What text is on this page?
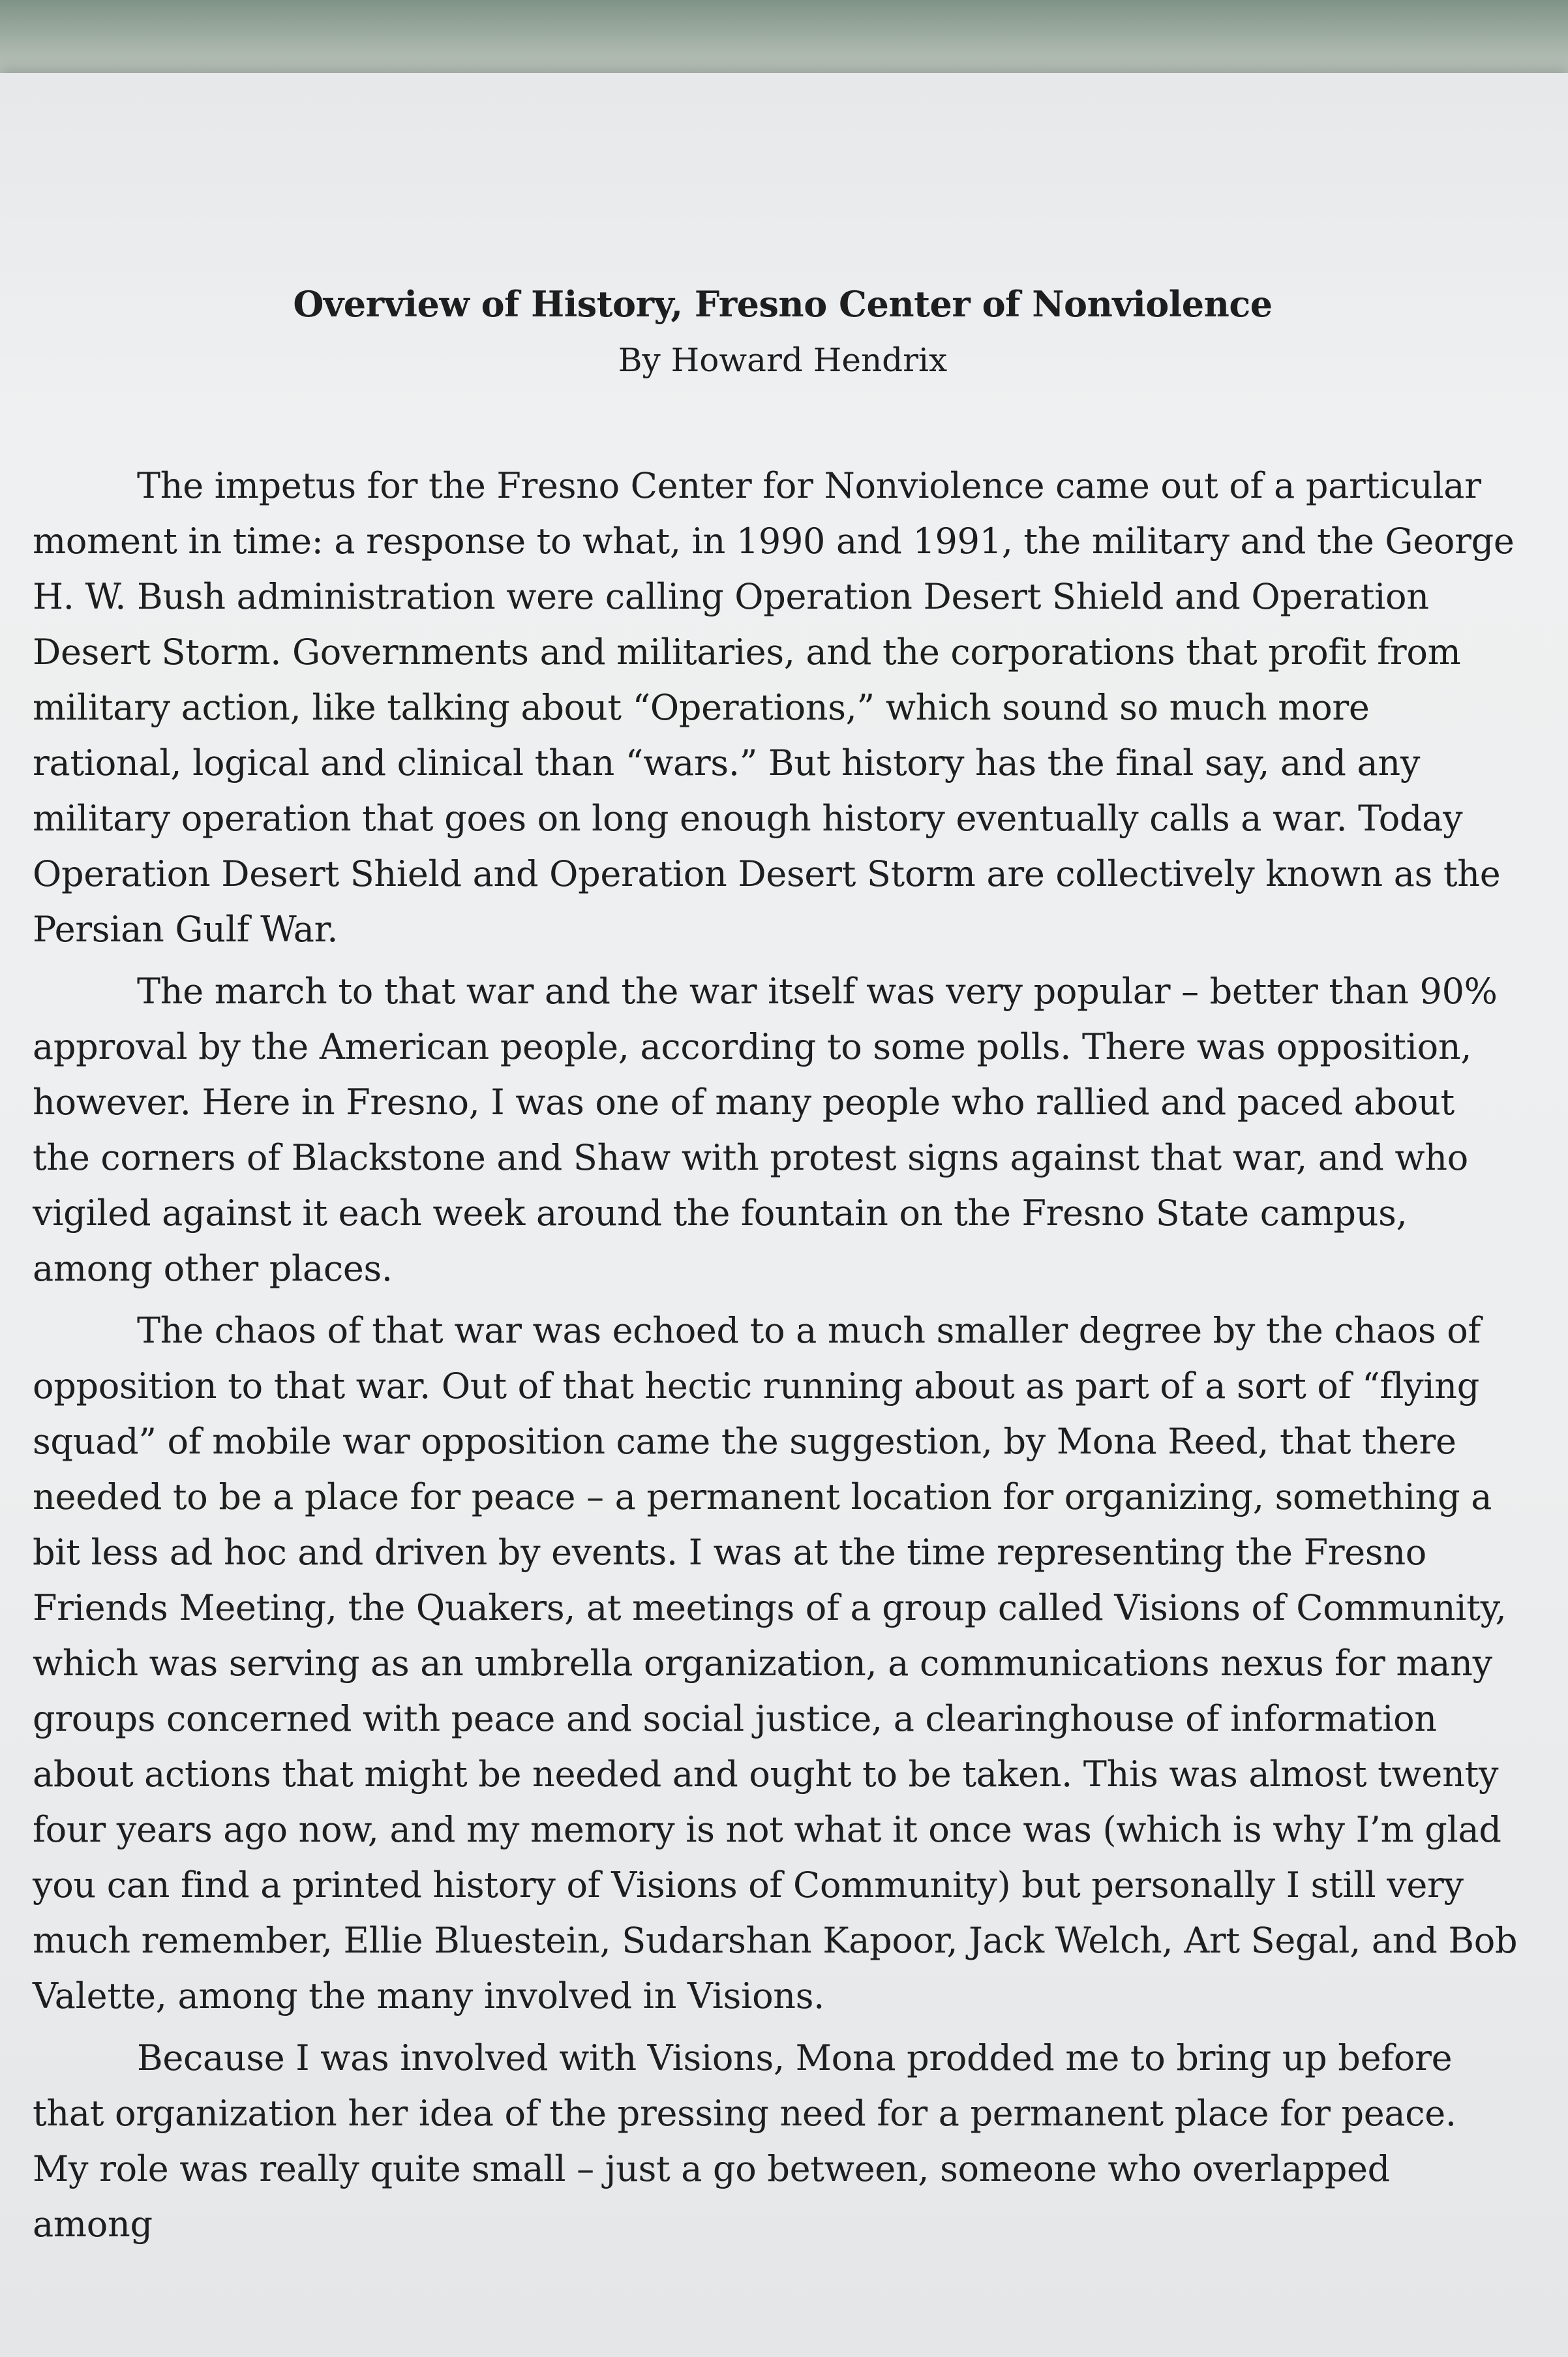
Overview of History, Fresno Center of Nonviolence

By Howard Hendrix

The impetus for the Fresno Center for Nonviolence came out of a particular moment in time: a response to what, in 1990 and 1991, the military and the George H. W. Bush administration were calling Operation Desert Shield and Operation Desert Storm. Governments and militaries, and the corporations that profit from military action, like talking about “Operations,” which sound so much more rational, logical and clinical than “wars.” But history has the final say, and any military operation that goes on long enough history eventually calls a war. Today Operation Desert Shield and Operation Desert Storm are collectively known as the Persian Gulf War.

The march to that war and the war itself was very popular – better than 90% approval by the American people, according to some polls. There was opposition, however. Here in Fresno, I was one of many people who rallied and paced about the corners of Blackstone and Shaw with protest signs against that war, and who vigiled against it each week around the fountain on the Fresno State campus, among other places.

The chaos of that war was echoed to a much smaller degree by the chaos of opposition to that war. Out of that hectic running about as part of a sort of “flying squad” of mobile war opposition came the suggestion, by Mona Reed, that there needed to be a place for peace – a permanent location for organizing, something a bit less ad hoc and driven by events. I was at the time representing the Fresno Friends Meeting, the Quakers, at meetings of a group called Visions of Community, which was serving as an umbrella organization, a communications nexus for many groups concerned with peace and social justice, a clearinghouse of information about actions that might be needed and ought to be taken. This was almost twenty four years ago now, and my memory is not what it once was (which is why I’m glad you can find a printed history of Visions of Community) but personally I still very much remember, Ellie Bluestein, Sudarshan Kapoor, Jack Welch, Art Segal, and Bob Valette, among the many involved in Visions.

Because I was involved with Visions, Mona prodded me to bring up before that organization her idea of the pressing need for a permanent place for peace. My role was really quite small – just a go between, someone who overlapped among
